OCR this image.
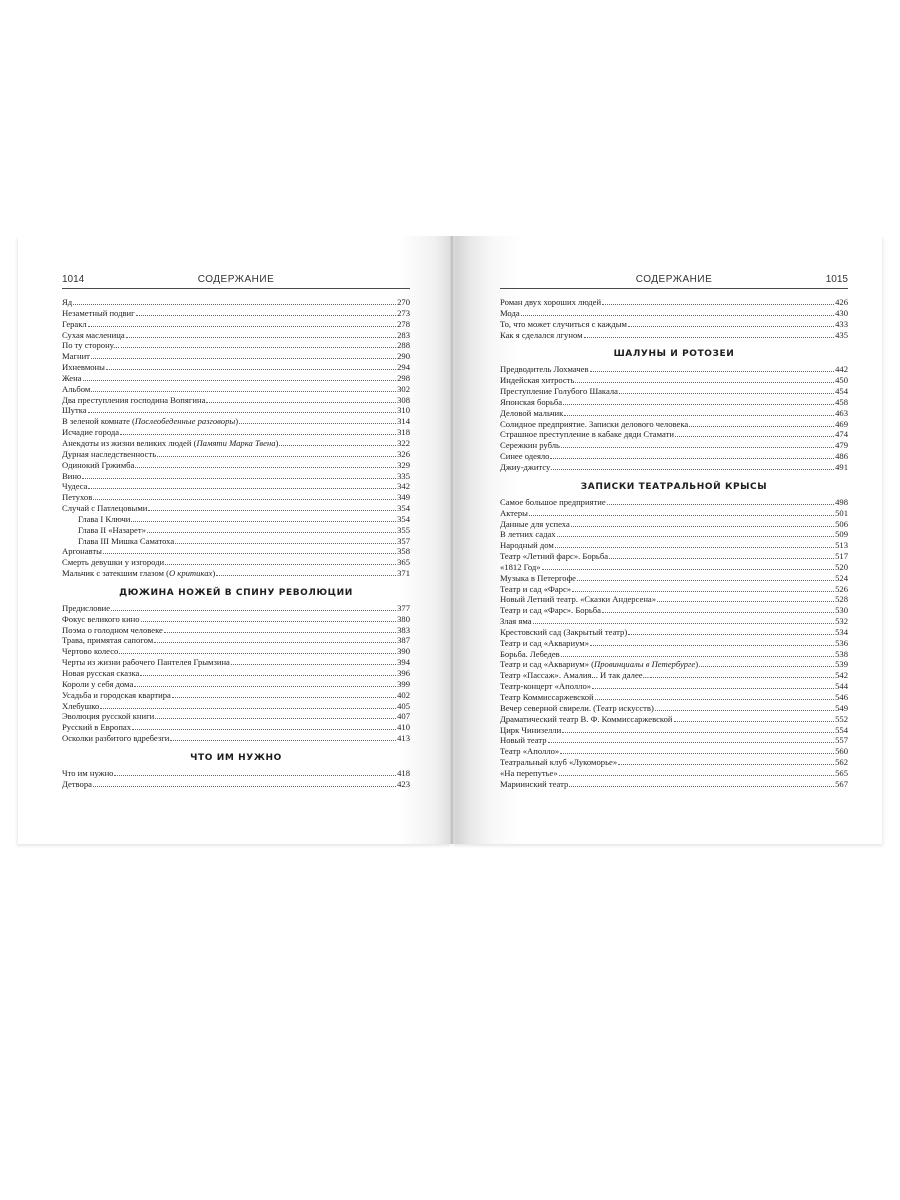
1014	СОДЕРЖАНИЕ
Яд	270
Незаметный подвиг	273
Геракл	278
Сухая масленица	283
По ту сторону...	288
Магнит	290
Ихневмоны	294
Жена	298
Альбом	302
Два преступления господина Вопягина	308
Шутка	310
В зеленой комнате (Послеобеденные разговоры)	314
Исчадие города	318
Анекдоты из жизни великих людей (Памяти Марка Твена)	322
Дурная наследственность	326
Одинокий Гржимба	329
Вино	335
Чудеса	342
Петухов	349
Случай с Патлецовыми	354
Глава I Ключи	354
Глава II «Назарет»	355
Глава III Мишка Саматоха	357
Аргонавты	358
Смерть девушки у изгороди	365
Мальчик с затекшим глазом (О критиках)	371
ДЮЖИНА НОЖЕЙ В СПИНУ РЕВОЛЮЦИИ
Предисловие	377
Фокус великого кино	380
Поэма о голодном человеке	383
Трава, примятая сапогом	387
Чертово колесо	390
Черты из жизни рабочего Пантелея Грымзина	394
Новая русская сказка	396
Короли у себя дома	399
Усадьба и городская квартира	402
Хлебушко	405
Эволюция русской книги	407
Русский в Европах	410
Осколки разбитого вдребезги	413
ЧТО ИМ НУЖНО
Что им нужно	418
Детвора	423
СОДЕРЖАНИЕ	1015
Роман двух хороших людей	426
Мода	430
То, что может случиться с каждым	433
Как я сделался лгуном	435
ШАЛУНЫ И РОТОЗЕИ
Предводитель Лохмачев	442
Индейская хитрость	450
Преступление Голубого Шакала	454
Японская борьба	458
Деловой мальчик	463
Солидное предприятие. Записки делового человека	469
Страшное преступление в кабаке дяди Стамати	474
Сережкин рубль	479
Синее одеяло	486
Джиу-джитсу	491
ЗАПИСКИ ТЕАТРАЛЬНОЙ КРЫСЫ
Самое большое предприятие	498
Актеры	501
Данные для успеха	506
В летних садах	509
Народный дом	513
Театр «Летний фарс». Борьба	517
«1812 Год»	520
Музыка в Петергофе	524
Театр и сад «Фарс»	526
Новый Летний театр. «Сказки Андерсена»	528
Театр и сад «Фарс». Борьба	530
Злая яма	532
Крестовский сад (Закрытый театр)	534
Театр и сад «Аквариум»	536
Борьба. Лебедев	538
Театр и сад «Аквариум» (Провинциалы в Петербурге)	539
Театр «Пассаж». Амалия... И так далее...	542
Театр-концерт «Аполло»	544
Театр Коммиссаржевской	546
Вечер северной свирели. (Театр искусств)	549
Драматический театр В. Ф. Коммиссаржевской	552
Цирк Чинизелли	554
Новый театр	557
Театр «Аполло»	560
Театральный клуб «Лукоморье»	562
«На перепутье»	565
Мариинский театр	567
